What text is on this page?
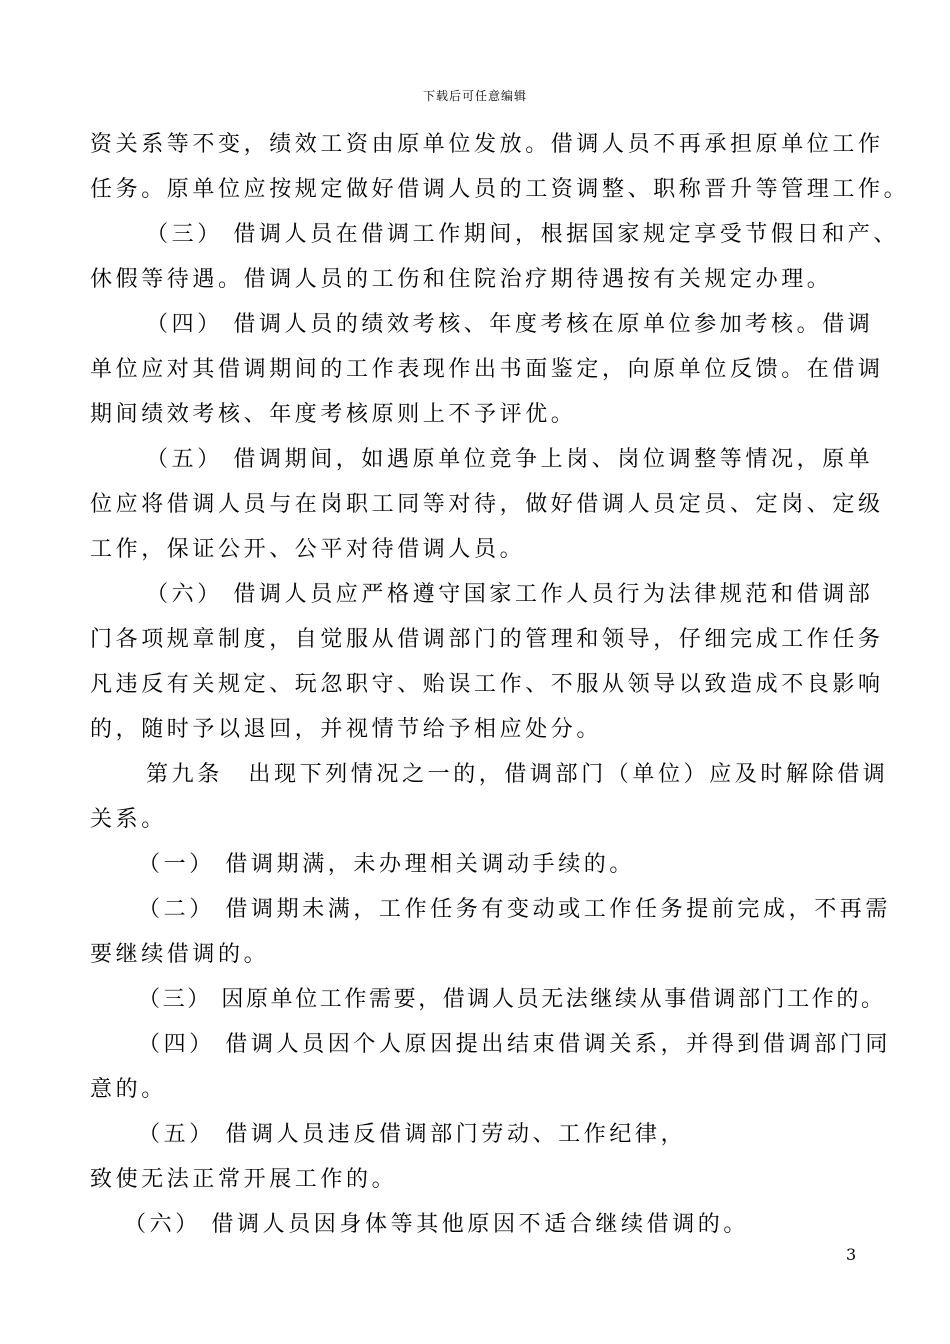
下载后可任意编辑
资关系等不变，绩效工资由原单位发放。借调人员不再承担原单位工作
任务。原单位应按规定做好借调人员的工资调整、职称晋升等管理工作。
（三） 借调人员在借调工作期间，根据国家规定享受节假日和产、
休假等待遇。借调人员的工伤和住院治疗期待遇按有关规定办理。
（四） 借调人员的绩效考核、年度考核在原单位参加考核。借调
单位应对其借调期间的工作表现作出书面鉴定，向原单位反馈。在借调
期间绩效考核、年度考核原则上不予评优。
（五） 借调期间，如遇原单位竞争上岗、岗位调整等情况，原单
位应将借调人员与在岗职工同等对待，做好借调人员定员、定岗、定级
工作，保证公开、公平对待借调人员。
（六） 借调人员应严格遵守国家工作人员行为法律规范和借调部
门各项规章制度，自觉服从借调部门的管理和领导，仔细完成工作任务
凡违反有关规定、玩忽职守、贻误工作、不服从领导以致造成不良影响
的，随时予以退回，并视情节给予相应处分。
第九条　出现下列情况之一的，借调部门（单位）应及时解除借调
关系。
（一） 借调期满，未办理相关调动手续的。
（二） 借调期未满，工作任务有变动或工作任务提前完成，不再需
要继续借调的。
（三） 因原单位工作需要，借调人员无法继续从事借调部门工作的。
（四） 借调人员因个人原因提出结束借调关系，并得到借调部门同
意的。
（五） 借调人员违反借调部门劳动、工作纪律，
致使无法正常开展工作的。
（六） 借调人员因身体等其他原因不适合继续借调的。
3
